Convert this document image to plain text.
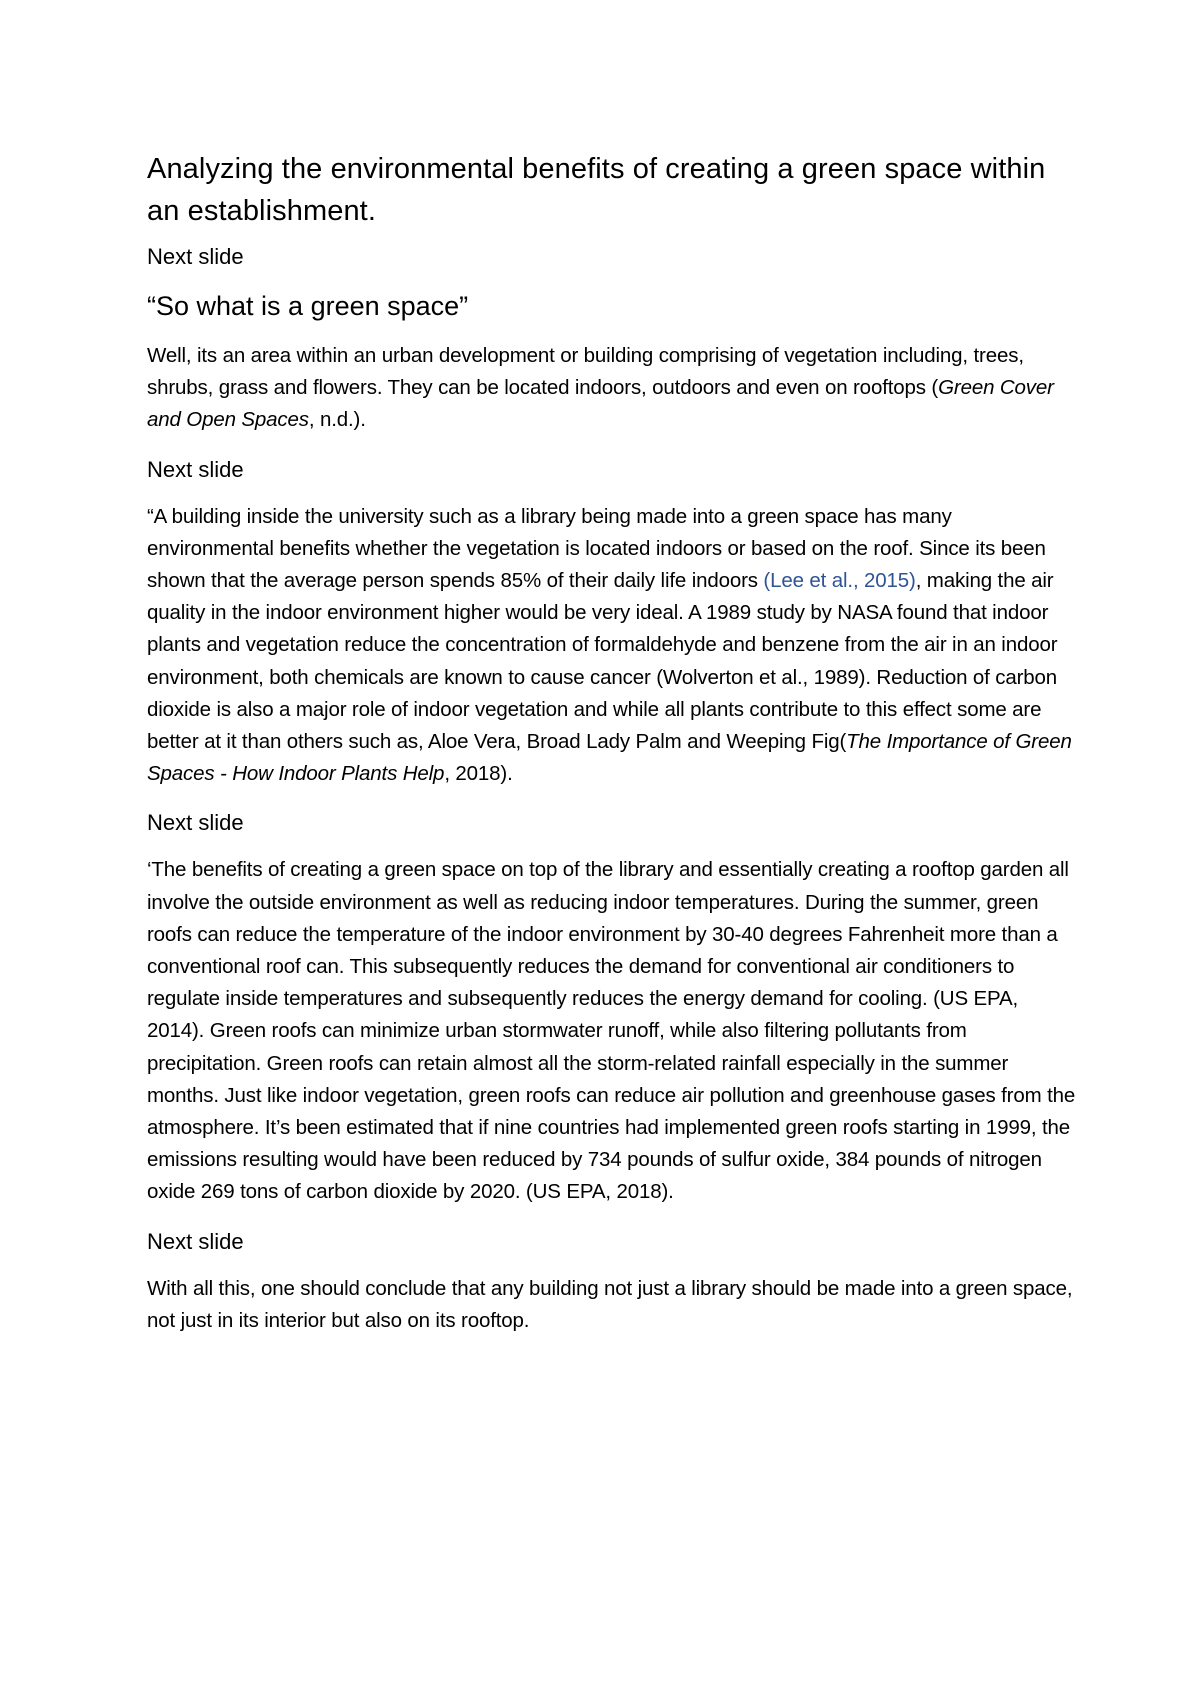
Analyzing the environmental benefits of creating a green space within an establishment.
Next slide
“So what is a green space”

Well, its an area within an urban development or building comprising of vegetation including, trees, shrubs, grass and flowers. They can be located indoors, outdoors and even on rooftops (Green Cover and Open Spaces, n.d.).

Next slide

“A building inside the university such as a library being made into a green space has many environmental benefits whether the vegetation is located indoors or based on the roof. Since its been shown that the average person spends 85% of their daily life indoors (Lee et al., 2015), making the air quality in the indoor environment higher would be very ideal. A 1989 study by NASA found that indoor plants and vegetation reduce the concentration of formaldehyde and benzene from the air in an indoor environment, both chemicals are known to cause cancer (Wolverton et al., 1989). Reduction of carbon dioxide is also a major role of indoor vegetation and while all plants contribute to this effect some are better at it than others such as, Aloe Vera, Broad Lady Palm and Weeping Fig(The Importance of Green Spaces - How Indoor Plants Help, 2018).

Next slide

‘The benefits of creating a green space on top of the library and essentially creating a rooftop garden all involve the outside environment as well as reducing indoor temperatures. During the summer, green roofs can reduce the temperature of the indoor environment by 30-40 degrees Fahrenheit more than a conventional roof can. This subsequently reduces the demand for conventional air conditioners to regulate inside temperatures and subsequently reduces the energy demand for cooling. (US EPA, 2014). Green roofs can minimize urban stormwater runoff, while also filtering pollutants from precipitation. Green roofs can retain almost all the storm-related rainfall especially in the summer months. Just like indoor vegetation, green roofs can reduce air pollution and greenhouse gases from the atmosphere. It’s been estimated that if nine countries had implemented green roofs starting in 1999, the emissions resulting would have been reduced by 734 pounds of sulfur oxide, 384 pounds of nitrogen oxide 269 tons of carbon dioxide by 2020. (US EPA, 2018).

Next slide

With all this, one should conclude that any building not just a library should be made into a green space, not just in its interior but also on its rooftop.
